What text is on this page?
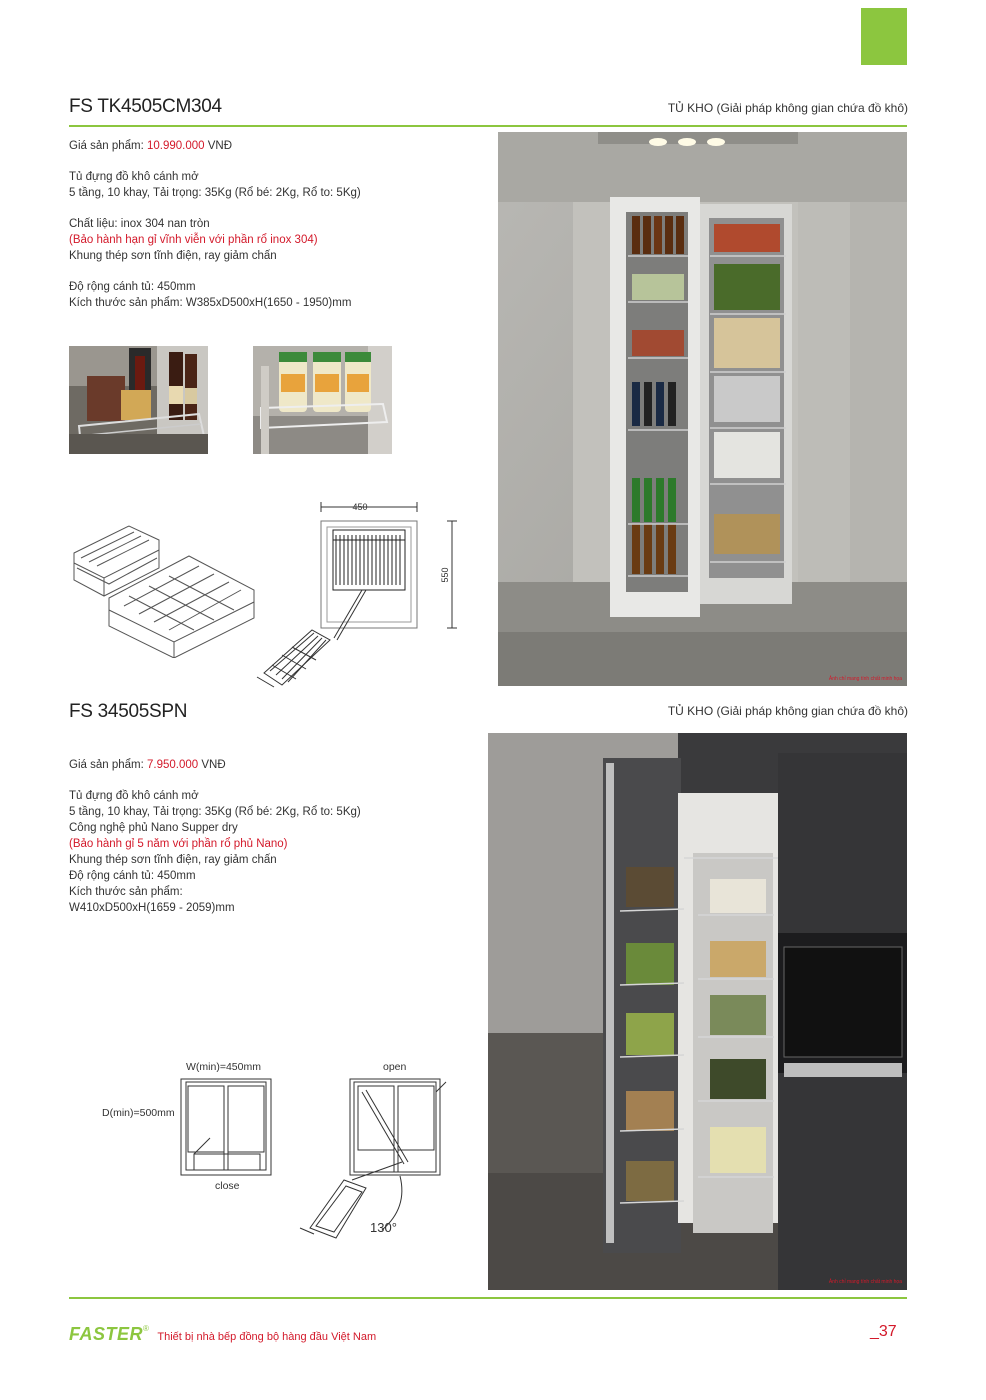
FS TK4505CM304	TỦ KHO (Giải pháp không gian chứa đồ khô)

Giá sản phẩm: 10.990.000 VNĐ

Tủ đựng đồ khô cánh mở

5 tầng, 10 khay, Tải trọng: 35Kg (Rổ bé: 2Kg, Rổ to: 5Kg)

Chất liệu: inox 304 nan tròn

(Bảo hành hạn gỉ vĩnh viễn với phần rổ inox 304)

Khung thép sơn tĩnh điện, ray giảm chấn

Độ rộng cánh tủ: 450mm

Kích thước sản phẩm: W385xD500xH(1650 - 1950)mm

450
550
Ảnh chỉ mang tính chất minh họa
FS 34505SPN	TỦ KHO (Giải pháp không gian chứa đồ khô)

Giá sản phẩm: 7.950.000 VNĐ

Tủ đựng đồ khô cánh mở

5 tầng, 10 khay, Tải trọng: 35Kg (Rổ bé: 2Kg, Rổ to: 5Kg)

Công nghệ phủ Nano Supper dry

(Bảo hành gỉ 5 năm với phần rổ phủ Nano)

Khung thép sơn tĩnh điện, ray giảm chấn

Độ rộng cánh tủ: 450mm

Kích thước sản phẩm:

W410xD500xH(1659 - 2059)mm

W(min)=450mm
D(min)=500mm
close
open
130°
Ảnh chỉ mang tính chất minh họa
FASTER® Thiết bị nhà bếp đồng bộ hàng đầu Việt Nam	_37
